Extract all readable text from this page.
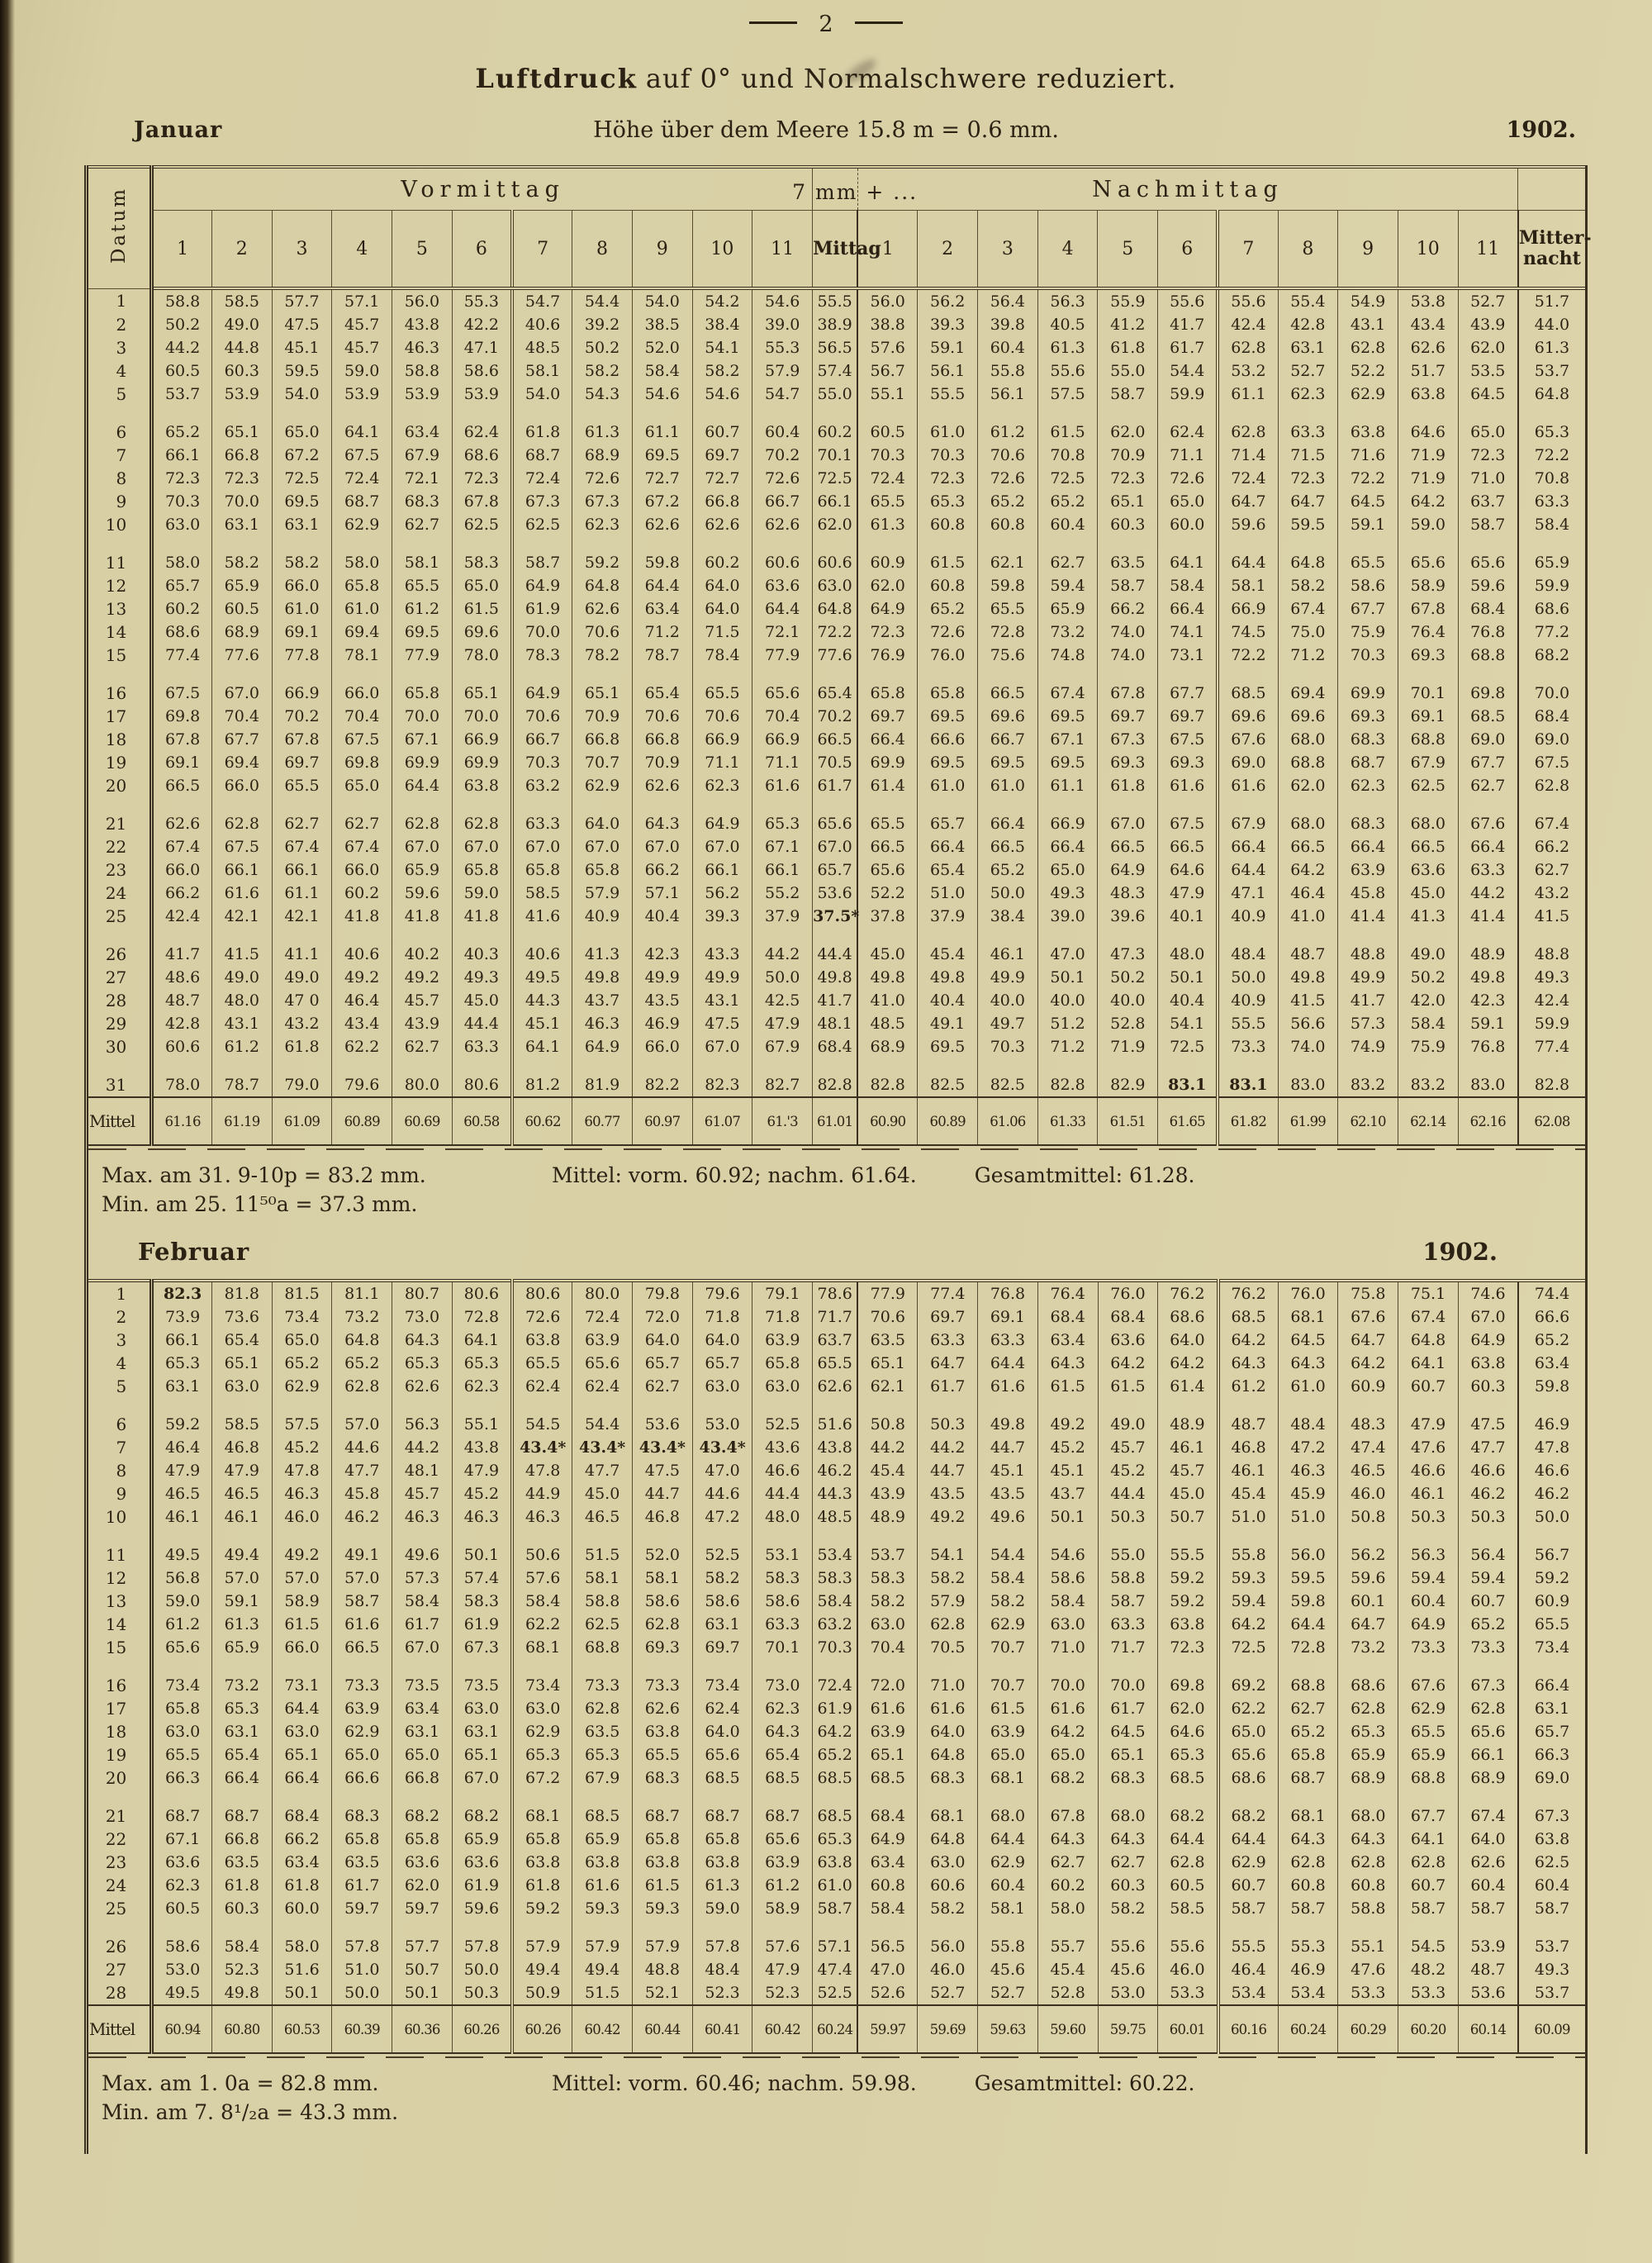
2
Luftdruck auf 0° und Normalschwere reduziert.
Januar	Höhe über dem Meere 15.8 m = 0.6 mm.	1902.
Datum	Vormittag											7 mm + ...	Nachmittag											
	1	2	3	4	5	6	7	8	9	10	11	Mittag	1	2	3	4	5	6	7	8	9	10	11	Mitter-
nacht

1	58.8	58.5	57.7	57.1	56.0	55.3	54.7	54.4	54.0	54.2	54.6	55.5	56.0	56.2	56.4	56.3	55.9	55.6	55.6	55.4	54.9	53.8	52.7	51.7
2	50.2	49.0	47.5	45.7	43.8	42.2	40.6	39.2	38.5	38.4	39.0	38.9	38.8	39.3	39.8	40.5	41.2	41.7	42.4	42.8	43.1	43.4	43.9	44.0
3	44.2	44.8	45.1	45.7	46.3	47.1	48.5	50.2	52.0	54.1	55.3	56.5	57.6	59.1	60.4	61.3	61.8	61.7	62.8	63.1	62.8	62.6	62.0	61.3
4	60.5	60.3	59.5	59.0	58.8	58.6	58.1	58.2	58.4	58.2	57.9	57.4	56.7	56.1	55.8	55.6	55.0	54.4	53.2	52.7	52.2	51.7	53.5	53.7
5	53.7	53.9	54.0	53.9	53.9	53.9	54.0	54.3	54.6	54.6	54.7	55.0	55.1	55.5	56.1	57.5	58.7	59.9	61.1	62.3	62.9	63.8	64.5	64.8
6	65.2	65.1	65.0	64.1	63.4	62.4	61.8	61.3	61.1	60.7	60.4	60.2	60.5	61.0	61.2	61.5	62.0	62.4	62.8	63.3	63.8	64.6	65.0	65.3
7	66.1	66.8	67.2	67.5	67.9	68.6	68.7	68.9	69.5	69.7	70.2	70.1	70.3	70.3	70.6	70.8	70.9	71.1	71.4	71.5	71.6	71.9	72.3	72.2
8	72.3	72.3	72.5	72.4	72.1	72.3	72.4	72.6	72.7	72.7	72.6	72.5	72.4	72.3	72.6	72.5	72.3	72.6	72.4	72.3	72.2	71.9	71.0	70.8
9	70.3	70.0	69.5	68.7	68.3	67.8	67.3	67.3	67.2	66.8	66.7	66.1	65.5	65.3	65.2	65.2	65.1	65.0	64.7	64.7	64.5	64.2	63.7	63.3
10	63.0	63.1	63.1	62.9	62.7	62.5	62.5	62.3	62.6	62.6	62.6	62.0	61.3	60.8	60.8	60.4	60.3	60.0	59.6	59.5	59.1	59.0	58.7	58.4
11	58.0	58.2	58.2	58.0	58.1	58.3	58.7	59.2	59.8	60.2	60.6	60.6	60.9	61.5	62.1	62.7	63.5	64.1	64.4	64.8	65.5	65.6	65.6	65.9
12	65.7	65.9	66.0	65.8	65.5	65.0	64.9	64.8	64.4	64.0	63.6	63.0	62.0	60.8	59.8	59.4	58.7	58.4	58.1	58.2	58.6	58.9	59.6	59.9
13	60.2	60.5	61.0	61.0	61.2	61.5	61.9	62.6	63.4	64.0	64.4	64.8	64.9	65.2	65.5	65.9	66.2	66.4	66.9	67.4	67.7	67.8	68.4	68.6
14	68.6	68.9	69.1	69.4	69.5	69.6	70.0	70.6	71.2	71.5	72.1	72.2	72.3	72.6	72.8	73.2	74.0	74.1	74.5	75.0	75.9	76.4	76.8	77.2
15	77.4	77.6	77.8	78.1	77.9	78.0	78.3	78.2	78.7	78.4	77.9	77.6	76.9	76.0	75.6	74.8	74.0	73.1	72.2	71.2	70.3	69.3	68.8	68.2
16	67.5	67.0	66.9	66.0	65.8	65.1	64.9	65.1	65.4	65.5	65.6	65.4	65.8	65.8	66.5	67.4	67.8	67.7	68.5	69.4	69.9	70.1	69.8	70.0
17	69.8	70.4	70.2	70.4	70.0	70.0	70.6	70.9	70.6	70.6	70.4	70.2	69.7	69.5	69.6	69.5	69.7	69.7	69.6	69.6	69.3	69.1	68.5	68.4
18	67.8	67.7	67.8	67.5	67.1	66.9	66.7	66.8	66.8	66.9	66.9	66.5	66.4	66.6	66.7	67.1	67.3	67.5	67.6	68.0	68.3	68.8	69.0	69.0
19	69.1	69.4	69.7	69.8	69.9	69.9	70.3	70.7	70.9	71.1	71.1	70.5	69.9	69.5	69.5	69.5	69.3	69.3	69.0	68.8	68.7	67.9	67.7	67.5
20	66.5	66.0	65.5	65.0	64.4	63.8	63.2	62.9	62.6	62.3	61.6	61.7	61.4	61.0	61.0	61.1	61.8	61.6	61.6	62.0	62.3	62.5	62.7	62.8
21	62.6	62.8	62.7	62.7	62.8	62.8	63.3	64.0	64.3	64.9	65.3	65.6	65.5	65.7	66.4	66.9	67.0	67.5	67.9	68.0	68.3	68.0	67.6	67.4
22	67.4	67.5	67.4	67.4	67.0	67.0	67.0	67.0	67.0	67.0	67.1	67.0	66.5	66.4	66.5	66.4	66.5	66.5	66.4	66.5	66.4	66.5	66.4	66.2
23	66.0	66.1	66.1	66.0	65.9	65.8	65.8	65.8	66.2	66.1	66.1	65.7	65.6	65.4	65.2	65.0	64.9	64.6	64.4	64.2	63.9	63.6	63.3	62.7
24	66.2	61.6	61.1	60.2	59.6	59.0	58.5	57.9	57.1	56.2	55.2	53.6	52.2	51.0	50.0	49.3	48.3	47.9	47.1	46.4	45.8	45.0	44.2	43.2
25	42.4	42.1	42.1	41.8	41.8	41.8	41.6	40.9	40.4	39.3	37.9	37.5*	37.8	37.9	38.4	39.0	39.6	40.1	40.9	41.0	41.4	41.3	41.4	41.5
26	41.7	41.5	41.1	40.6	40.2	40.3	40.6	41.3	42.3	43.3	44.2	44.4	45.0	45.4	46.1	47.0	47.3	48.0	48.4	48.7	48.8	49.0	48.9	48.8
27	48.6	49.0	49.0	49.2	49.2	49.3	49.5	49.8	49.9	49.9	50.0	49.8	49.8	49.8	49.9	50.1	50.2	50.1	50.0	49.8	49.9	50.2	49.8	49.3
28	48.7	48.0	47 0	46.4	45.7	45.0	44.3	43.7	43.5	43.1	42.5	41.7	41.0	40.4	40.0	40.0	40.0	40.4	40.9	41.5	41.7	42.0	42.3	42.4
29	42.8	43.1	43.2	43.4	43.9	44.4	45.1	46.3	46.9	47.5	47.9	48.1	48.5	49.1	49.7	51.2	52.8	54.1	55.5	56.6	57.3	58.4	59.1	59.9
30	60.6	61.2	61.8	62.2	62.7	63.3	64.1	64.9	66.0	67.0	67.9	68.4	68.9	69.5	70.3	71.2	71.9	72.5	73.3	74.0	74.9	75.9	76.8	77.4
31	78.0	78.7	79.0	79.6	80.0	80.6	81.2	81.9	82.2	82.3	82.7	82.8	82.8	82.5	82.5	82.8	82.9	83.1	83.1	83.0	83.2	83.2	83.0	82.8
Mittel	61.16	61.19	61.09	60.89	60.69	60.58	60.62	60.77	60.97	61.07	61.'3	61.01	60.90	60.89	61.06	61.33	61.51	61.65	61.82	61.99	62.10	62.14	62.16	62.08
Max. am 31. 9-10p = 83.2 mm.	Mittel: vorm. 60.92; nachm. 61.64.	Gesamtmittel: 61.28.
Min. am 25. 11⁵⁰a = 37.3 mm.
Februar	1902.
1	82.3	81.8	81.5	81.1	80.7	80.6	80.6	80.0	79.8	79.6	79.1	78.6	77.9	77.4	76.8	76.4	76.0	76.2	76.2	76.0	75.8	75.1	74.6	74.4
2	73.9	73.6	73.4	73.2	73.0	72.8	72.6	72.4	72.0	71.8	71.8	71.7	70.6	69.7	69.1	68.4	68.4	68.6	68.5	68.1	67.6	67.4	67.0	66.6
3	66.1	65.4	65.0	64.8	64.3	64.1	63.8	63.9	64.0	64.0	63.9	63.7	63.5	63.3	63.3	63.4	63.6	64.0	64.2	64.5	64.7	64.8	64.9	65.2
4	65.3	65.1	65.2	65.2	65.3	65.3	65.5	65.6	65.7	65.7	65.8	65.5	65.1	64.7	64.4	64.3	64.2	64.2	64.3	64.3	64.2	64.1	63.8	63.4
5	63.1	63.0	62.9	62.8	62.6	62.3	62.4	62.4	62.7	63.0	63.0	62.6	62.1	61.7	61.6	61.5	61.5	61.4	61.2	61.0	60.9	60.7	60.3	59.8
6	59.2	58.5	57.5	57.0	56.3	55.1	54.5	54.4	53.6	53.0	52.5	51.6	50.8	50.3	49.8	49.2	49.0	48.9	48.7	48.4	48.3	47.9	47.5	46.9
7	46.4	46.8	45.2	44.6	44.2	43.8	43.4*	43.4*	43.4*	43.4*	43.6	43.8	44.2	44.2	44.7	45.2	45.7	46.1	46.8	47.2	47.4	47.6	47.7	47.8
8	47.9	47.9	47.8	47.7	48.1	47.9	47.8	47.7	47.5	47.0	46.6	46.2	45.4	44.7	45.1	45.1	45.2	45.7	46.1	46.3	46.5	46.6	46.6	46.6
9	46.5	46.5	46.3	45.8	45.7	45.2	44.9	45.0	44.7	44.6	44.4	44.3	43.9	43.5	43.5	43.7	44.4	45.0	45.4	45.9	46.0	46.1	46.2	46.2
10	46.1	46.1	46.0	46.2	46.3	46.3	46.3	46.5	46.8	47.2	48.0	48.5	48.9	49.2	49.6	50.1	50.3	50.7	51.0	51.0	50.8	50.3	50.3	50.0
11	49.5	49.4	49.2	49.1	49.6	50.1	50.6	51.5	52.0	52.5	53.1	53.4	53.7	54.1	54.4	54.6	55.0	55.5	55.8	56.0	56.2	56.3	56.4	56.7
12	56.8	57.0	57.0	57.0	57.3	57.4	57.6	58.1	58.1	58.2	58.3	58.3	58.3	58.2	58.4	58.6	58.8	59.2	59.3	59.5	59.6	59.4	59.4	59.2
13	59.0	59.1	58.9	58.7	58.4	58.3	58.4	58.8	58.6	58.6	58.6	58.4	58.2	57.9	58.2	58.4	58.7	59.2	59.4	59.8	60.1	60.4	60.7	60.9
14	61.2	61.3	61.5	61.6	61.7	61.9	62.2	62.5	62.8	63.1	63.3	63.2	63.0	62.8	62.9	63.0	63.3	63.8	64.2	64.4	64.7	64.9	65.2	65.5
15	65.6	65.9	66.0	66.5	67.0	67.3	68.1	68.8	69.3	69.7	70.1	70.3	70.4	70.5	70.7	71.0	71.7	72.3	72.5	72.8	73.2	73.3	73.3	73.4
16	73.4	73.2	73.1	73.3	73.5	73.5	73.4	73.3	73.3	73.4	73.0	72.4	72.0	71.0	70.7	70.0	70.0	69.8	69.2	68.8	68.6	67.6	67.3	66.4
17	65.8	65.3	64.4	63.9	63.4	63.0	63.0	62.8	62.6	62.4	62.3	61.9	61.6	61.6	61.5	61.6	61.7	62.0	62.2	62.7	62.8	62.9	62.8	63.1
18	63.0	63.1	63.0	62.9	63.1	63.1	62.9	63.5	63.8	64.0	64.3	64.2	63.9	64.0	63.9	64.2	64.5	64.6	65.0	65.2	65.3	65.5	65.6	65.7
19	65.5	65.4	65.1	65.0	65.0	65.1	65.3	65.3	65.5	65.6	65.4	65.2	65.1	64.8	65.0	65.0	65.1	65.3	65.6	65.8	65.9	65.9	66.1	66.3
20	66.3	66.4	66.4	66.6	66.8	67.0	67.2	67.9	68.3	68.5	68.5	68.5	68.5	68.3	68.1	68.2	68.3	68.5	68.6	68.7	68.9	68.8	68.9	69.0
21	68.7	68.7	68.4	68.3	68.2	68.2	68.1	68.5	68.7	68.7	68.7	68.5	68.4	68.1	68.0	67.8	68.0	68.2	68.2	68.1	68.0	67.7	67.4	67.3
22	67.1	66.8	66.2	65.8	65.8	65.9	65.8	65.9	65.8	65.8	65.6	65.3	64.9	64.8	64.4	64.3	64.3	64.4	64.4	64.3	64.3	64.1	64.0	63.8
23	63.6	63.5	63.4	63.5	63.6	63.6	63.8	63.8	63.8	63.8	63.9	63.8	63.4	63.0	62.9	62.7	62.7	62.8	62.9	62.8	62.8	62.8	62.6	62.5
24	62.3	61.8	61.8	61.7	62.0	61.9	61.8	61.6	61.5	61.3	61.2	61.0	60.8	60.6	60.4	60.2	60.3	60.5	60.7	60.8	60.8	60.7	60.4	60.4
25	60.5	60.3	60.0	59.7	59.7	59.6	59.2	59.3	59.3	59.0	58.9	58.7	58.4	58.2	58.1	58.0	58.2	58.5	58.7	58.7	58.8	58.7	58.7	58.7
26	58.6	58.4	58.0	57.8	57.7	57.8	57.9	57.9	57.9	57.8	57.6	57.1	56.5	56.0	55.8	55.7	55.6	55.6	55.5	55.3	55.1	54.5	53.9	53.7
27	53.0	52.3	51.6	51.0	50.7	50.0	49.4	49.4	48.8	48.4	47.9	47.4	47.0	46.0	45.6	45.4	45.6	46.0	46.4	46.9	47.6	48.2	48.7	49.3
28	49.5	49.8	50.1	50.0	50.1	50.3	50.9	51.5	52.1	52.3	52.3	52.5	52.6	52.7	52.7	52.8	53.0	53.3	53.4	53.4	53.3	53.3	53.6	53.7
Mittel	60.94	60.80	60.53	60.39	60.36	60.26	60.26	60.42	60.44	60.41	60.42	60.24	59.97	59.69	59.63	59.60	59.75	60.01	60.16	60.24	60.29	60.20	60.14	60.09
Max. am 1. 0a = 82.8 mm.	Mittel: vorm. 60.46; nachm. 59.98.	Gesamtmittel: 60.22.
Min. am 7. 8¹/₂a = 43.3 mm.
